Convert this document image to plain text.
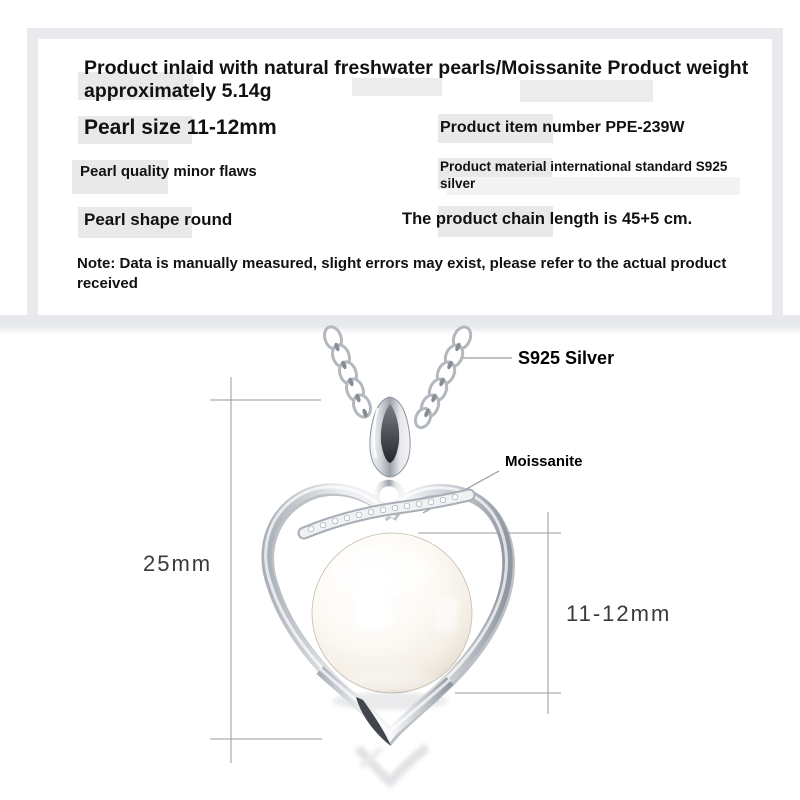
Product inlaid with natural freshwater pearls/Moissanite Product weight approximately 5.14g
Pearl size 11-12mm	Product item number PPE-239W
Pearl quality minor flaws	Product material international standard S925 silver
Pearl shape round	The product chain length is 45+5 cm.
Note: Data is manually measured, slight errors may exist, please refer to the actual product received
S925 Silver
Moissanite
25mm
11-12mm
